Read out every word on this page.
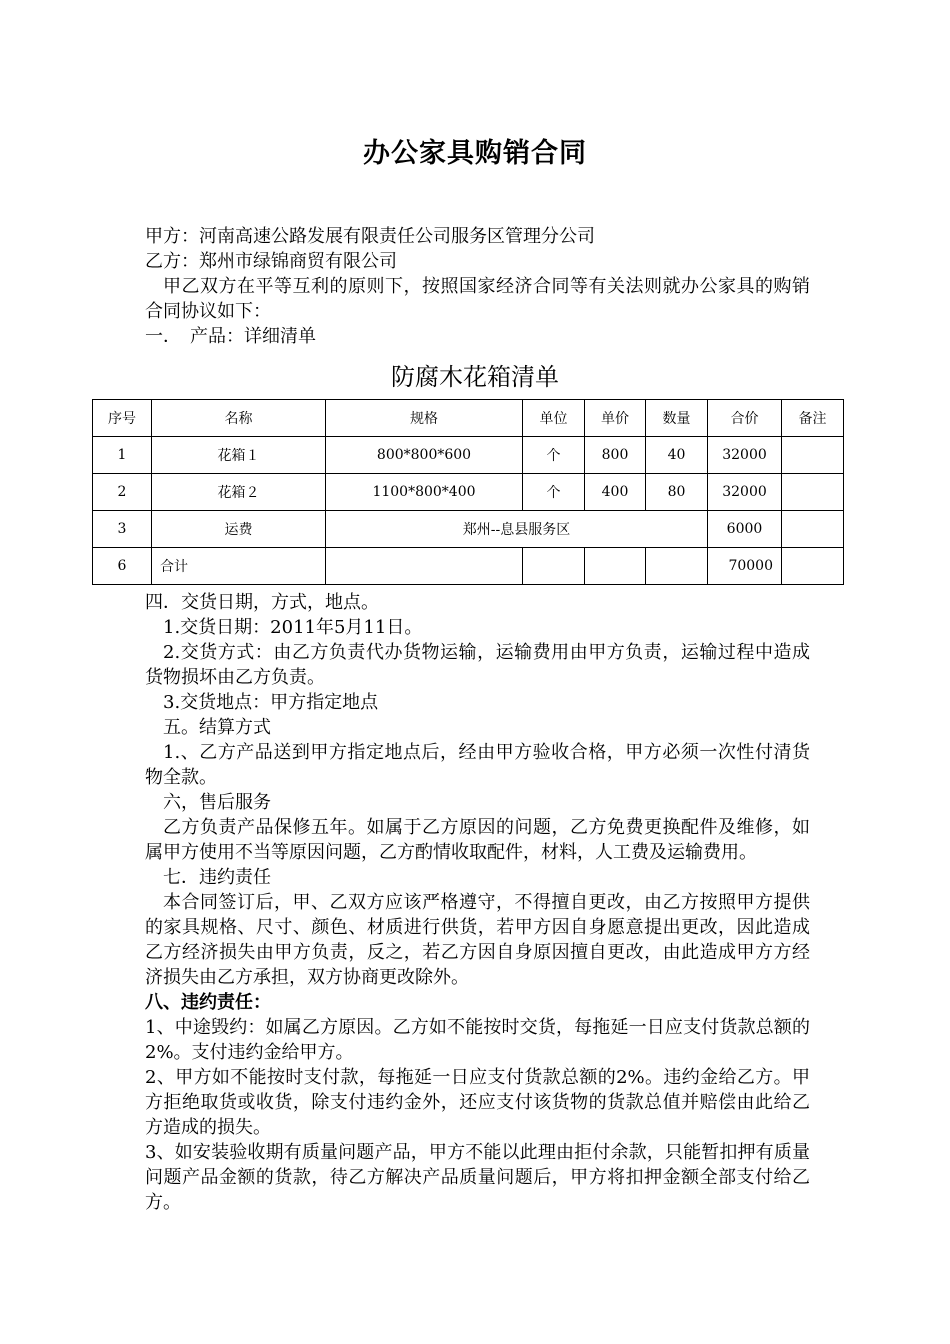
办公家具购销合同
甲方：河南高速公路发展有限责任公司服务区管理分公司
乙方：郑州市绿锦商贸有限公司
甲乙双方在平等互利的原则下，按照国家经济合同等有关法则就办公家具的购销合同协议如下：
一．　产品：详细清单
防腐木花箱清单
序号	名称	规格	单位	单价	数量	合价	备注
1	花箱１	800*800*600	个	800	40	32000	
2	花箱２	1100*800*400	个	400	80	32000	
3	运费	郑州--息县服务区				6000	
6	合计					70000	
四．交货日期，方式，地点。
1.交货日期：2011年5月11日。
2.交货方式：由乙方负责代办货物运输，运输费用由甲方负责，运输过程中造成货物损坏由乙方负责。
3.交货地点：甲方指定地点
五。结算方式
1.、乙方产品送到甲方指定地点后，经由甲方验收合格，甲方必须一次性付清货物全款。
六，售后服务
乙方负责产品保修五年。如属于乙方原因的问题，乙方免费更换配件及维修，如属甲方使用不当等原因问题，乙方酌情收取配件，材料，人工费及运输费用。
七．违约责任
本合同签订后，甲、乙双方应该严格遵守，不得擅自更改，由乙方按照甲方提供的家具规格、尺寸、颜色、材质进行供货，若甲方因自身愿意提出更改，因此造成乙方经济损失由甲方负责，反之，若乙方因自身原因擅自更改，由此造成甲方方经济损失由乙方承担，双方协商更改除外。
八、违约责任：
1、中途毁约：如属乙方原因。乙方如不能按时交货，每拖延一日应支付货款总额的2%。支付违约金给甲方。
2、甲方如不能按时支付款，每拖延一日应支付货款总额的2%。违约金给乙方。甲方拒绝取货或收货，除支付违约金外，还应支付该货物的货款总值并赔偿由此给乙方造成的损失。
3、如安装验收期有质量问题产品，甲方不能以此理由拒付余款，只能暂扣押有质量问题产品金额的货款，待乙方解决产品质量问题后，甲方将扣押金额全部支付给乙方。
